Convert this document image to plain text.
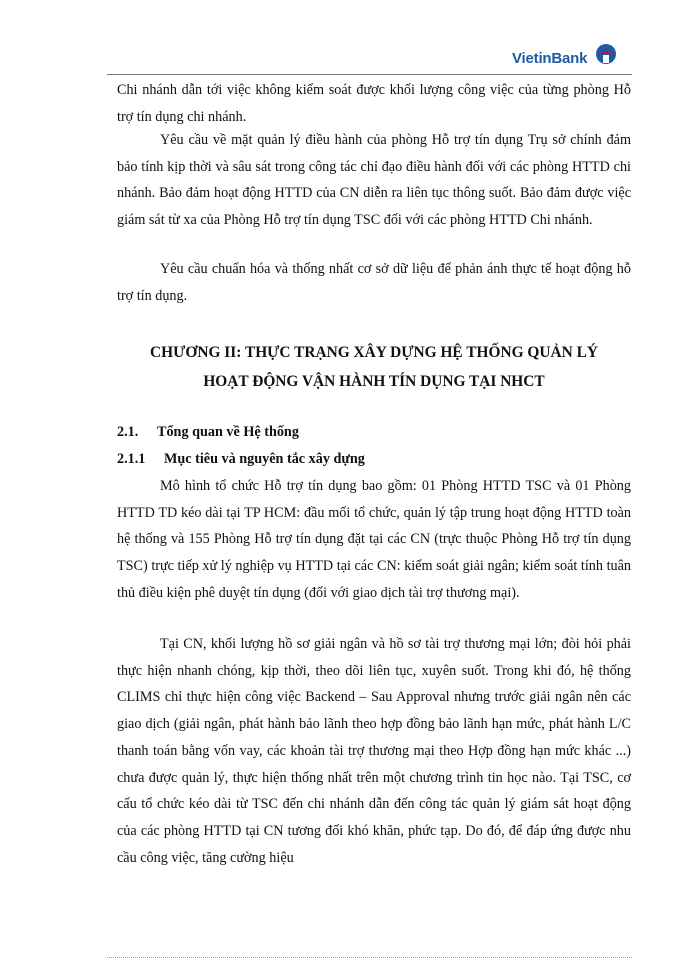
VietinBank

Chi nhánh dẫn tới việc không kiểm soát được khối lượng công việc của từng phòng Hỗ trợ tín dụng chi nhánh.

Yêu cầu về mặt quản lý điều hành của phòng Hỗ trợ tín dụng Trụ sở chính đảm bảo tính kịp thời và sâu sát trong công tác chỉ đạo điều hành đối với các phòng HTTD chi nhánh. Bảo đảm hoạt động HTTD của CN diễn ra liên tục thông suốt. Bảo đảm được việc giám sát từ xa của Phòng Hỗ trợ tín dụng TSC đối với các phòng HTTD Chi nhánh.

Yêu cầu chuẩn hóa và thống nhất cơ sở dữ liệu để phản ánh thực tế hoạt động hỗ trợ tín dụng.

CHƯƠNG II: THỰC TRẠNG XÂY DỰNG HỆ THỐNG QUẢN LÝ
HOẠT ĐỘNG VẬN HÀNH TÍN DỤNG TẠI NHCT
2.1. Tổng quan về Hệ thống
2.1.1 Mục tiêu và nguyên tắc xây dựng

Mô hình tổ chức Hỗ trợ tín dụng bao gồm: 01 Phòng HTTD TSC và 01 Phòng HTTD TD kéo dài tại TP HCM: đầu mối tổ chức, quản lý tập trung hoạt động HTTD toàn hệ thống và 155 Phòng Hỗ trợ tín dụng đặt tại các CN (trực thuộc Phòng Hỗ trợ tín dụng TSC) trực tiếp xử lý nghiệp vụ HTTD tại các CN: kiểm soát giải ngân; kiểm soát tính tuân thủ điều kiện phê duyệt tín dụng (đối với giao dịch tài trợ thương mại).

Tại CN, khối lượng hồ sơ giải ngân và hồ sơ tài trợ thương mại lớn; đòi hỏi phải thực hiện nhanh chóng, kịp thời, theo dõi liên tục, xuyên suốt. Trong khi đó, hệ thống CLIMS chỉ thực hiện công việc Backend – Sau Approval nhưng trước giải ngân nên các giao dịch (giải ngân, phát hành bảo lãnh theo hợp đồng bảo lãnh hạn mức, phát hành L/C thanh toán bằng vốn vay, các khoản tài trợ thương mại theo Hợp đồng hạn mức khác ...) chưa được quản lý, thực hiện thống nhất trên một chương trình tin học nào. Tại TSC, cơ cấu tổ chức kéo dài từ TSC đến chi nhánh dẫn đến công tác quản lý giám sát hoạt động của các phòng HTTD tại CN tương đối khó khăn, phức tạp. Do đó, để đáp ứng được nhu cầu công việc, tăng cường hiệu
